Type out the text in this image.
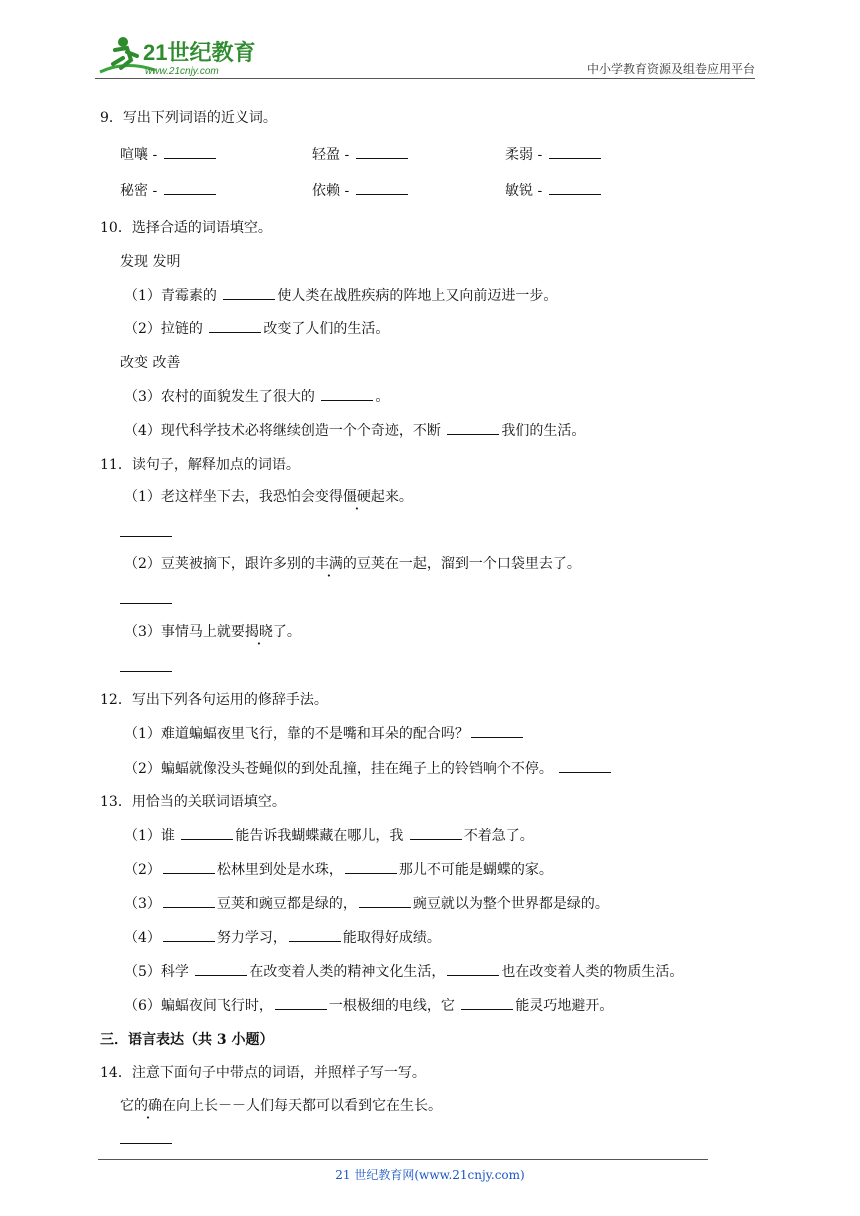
21世纪教育
www.21cnjy.com	中小学教育资源及组卷应用平台
9．写出下列词语的近义词。
喧嚷 -	轻盈 -	柔弱 -
秘密 -	依赖 -	敏锐 -
10．选择合适的词语填空。
发现 发明
（1）青霉素的	使人类在战胜疾病的阵地上又向前迈进一步。
（2）拉链的	改变了人们的生活。
改变 改善
（3）农村的面貌发生了很大的	。
（4）现代科学技术必将继续创造一个个奇迹，不断	我们的生活。
11．读句子，解释加点的词语。
（1）老这样坐下去，我恐怕会变得僵硬起来。
（2）豆荚被摘下，跟许多别的丰满的豆荚在一起，溜到一个口袋里去了。
（3）事情马上就要揭晓了。
12．写出下列各句运用的修辞手法。
（1）难道蝙蝠夜里飞行，靠的不是嘴和耳朵的配合吗？
（2）蝙蝠就像没头苍蝇似的到处乱撞，挂在绳子上的铃铛响个不停。
13．用恰当的关联词语填空。
（1）谁	能告诉我蝴蝶藏在哪儿，我	不着急了。
（2）	松林里到处是水珠，	那儿不可能是蝴蝶的家。
（3）	豆荚和豌豆都是绿的，	豌豆就以为整个世界都是绿的。
（4）	努力学习，	能取得好成绩。
（5）科学	在改变着人类的精神文化生活，	也在改变着人类的物质生活。
（6）蝙蝠夜间飞行时，	一根极细的电线，它	能灵巧地避开。
三．语言表达（共 3 小题）
14．注意下面句子中带点的词语，并照样子写一写。
它的确在向上长－－人们每天都可以看到它在生长。
21 世纪教育网(www.21cnjy.com)
